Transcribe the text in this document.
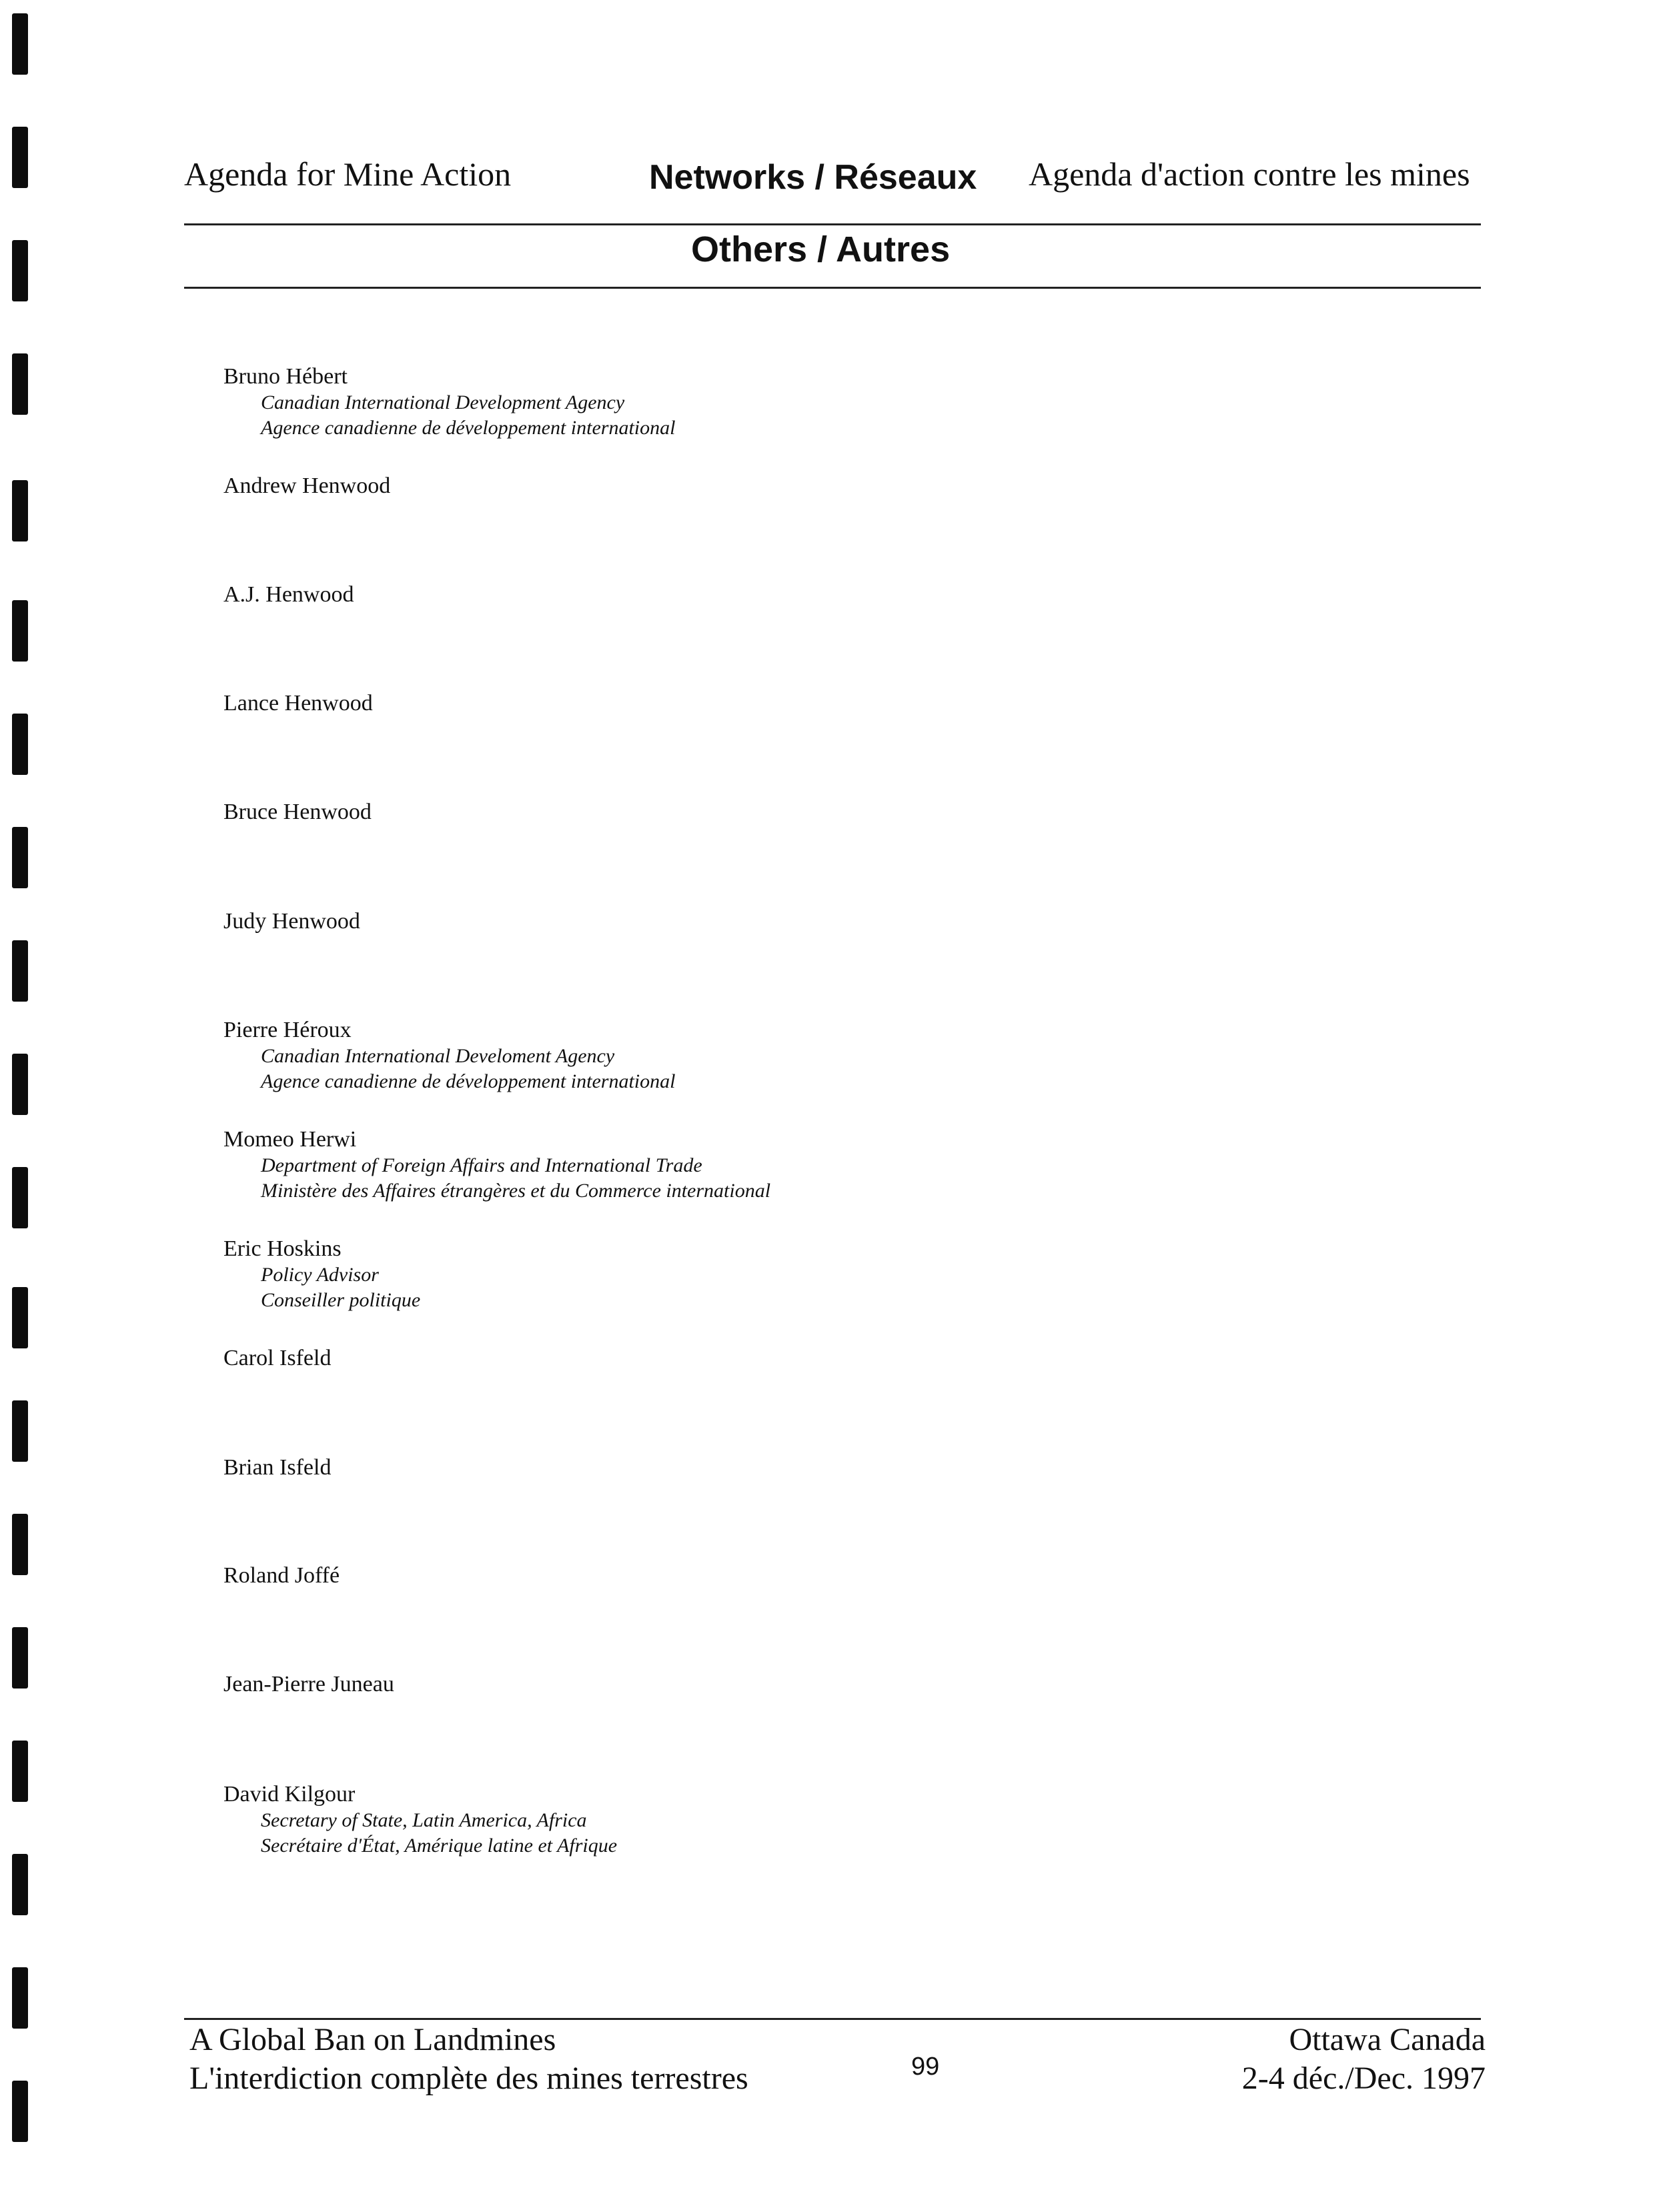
Agenda for Mine Action	Networks / Réseaux Agenda d'action contre les mines
Others / Autres
Bruno Hébert
Canadian International Development Agency
Agence canadienne de développement international
Andrew Henwood
A.J. Henwood
Lance Henwood
Bruce Henwood
Judy Henwood
Pierre Héroux
Canadian International Develoment Agency
Agence canadienne de développement international
Momeo Herwi
Department of Foreign Affairs and International Trade
Ministère des Affaires étrangères et du Commerce international
Eric Hoskins
Policy Advisor
Conseiller politique
Carol Isfeld
Brian Isfeld
Roland Joffé
Jean-Pierre Juneau
David Kilgour
Secretary of State, Latin America, Africa
Secrétaire d'État, Amérique latine et Afrique
A Global Ban on Landmines
L'interdiction complète des mines terrestres	99
Ottawa Canada
2-4 déc./Dec. 1997
